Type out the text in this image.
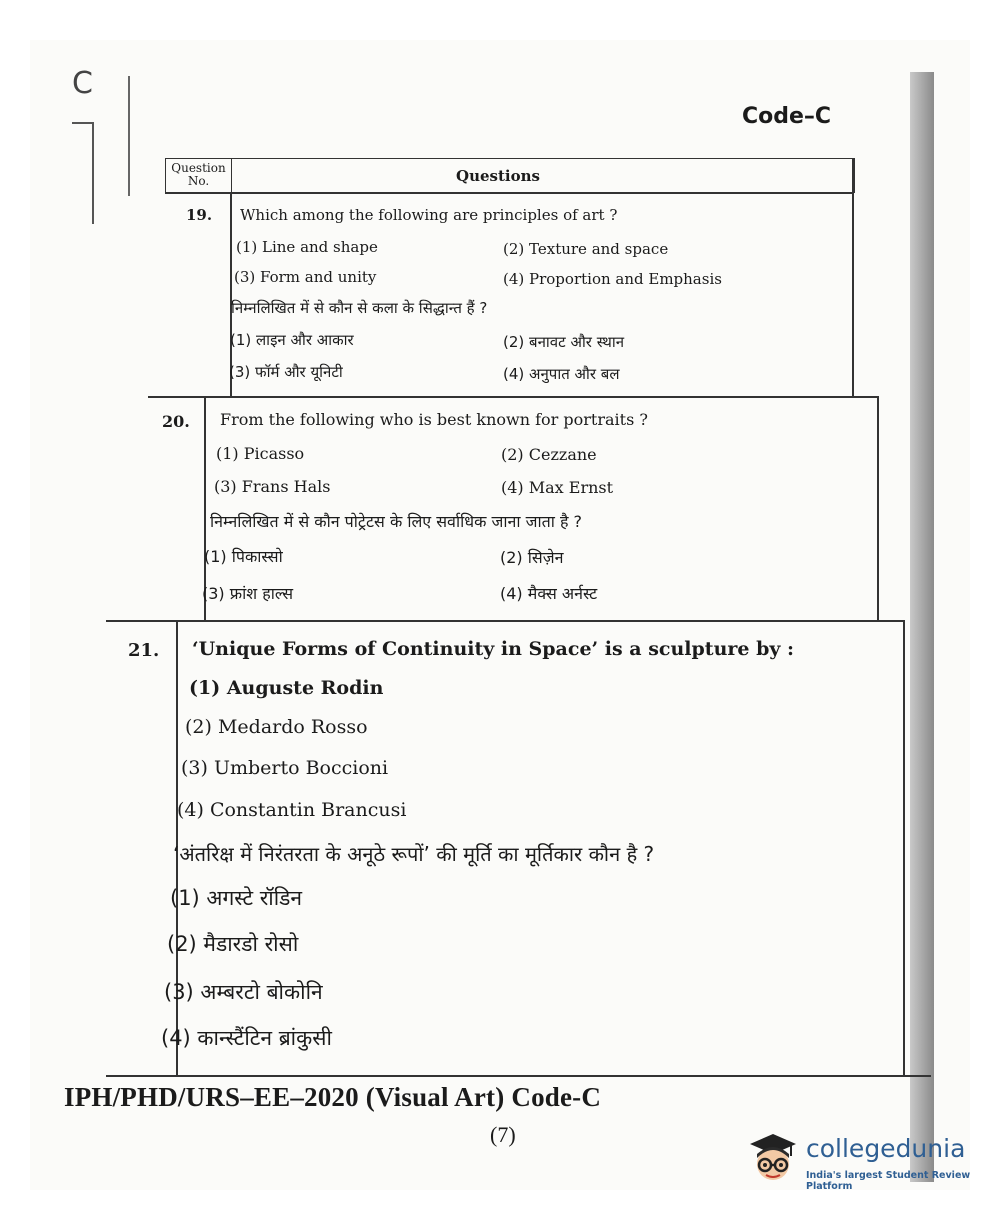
C
Code–C
Question No.	Questions
19. Which among the following are principles of art ?
(1) Line and shape	(2) Texture and space
(3) Form and unity	(4) Proportion and Emphasis
निम्नलिखित में से कौन से कला के सिद्धान्त हैं ?
(1) लाइन और आकार	(2) बनावट और स्थान
(3) फॉर्म और यूनिटी	(4) अनुपात और बल
20. From the following who is best known for portraits ?
(1) Picasso	(2) Cezzane
(3) Frans Hals	(4) Max Ernst
निम्नलिखित में से कौन पोट्रेटस के लिए सर्वाधिक जाना जाता है ?
(1) पिकास्सो	(2) सिज़ेन
(3) फ्रांश हाल्स	(4) मैक्स अर्नस्ट
21. ‘Unique Forms of Continuity in Space’ is a sculpture by :
(1) Auguste Rodin
(2) Medardo Rosso
(3) Umberto Boccioni
(4) Constantin Brancusi
‘अंतरिक्ष में निरंतरता के अनूठे रूपों’ की मूर्ति का मूर्तिकार कौन है ?
(1) अगस्टे रॉडिन
(2) मैडारडो रोसो
(3) अम्बरटो बोकोनि
(4) कान्स्टैंटिन ब्रांकुसी
IPH/PHD/URS–EE–2020 (Visual Art) Code-C
(7)	collegedunia
India's largest Student Review Platform
